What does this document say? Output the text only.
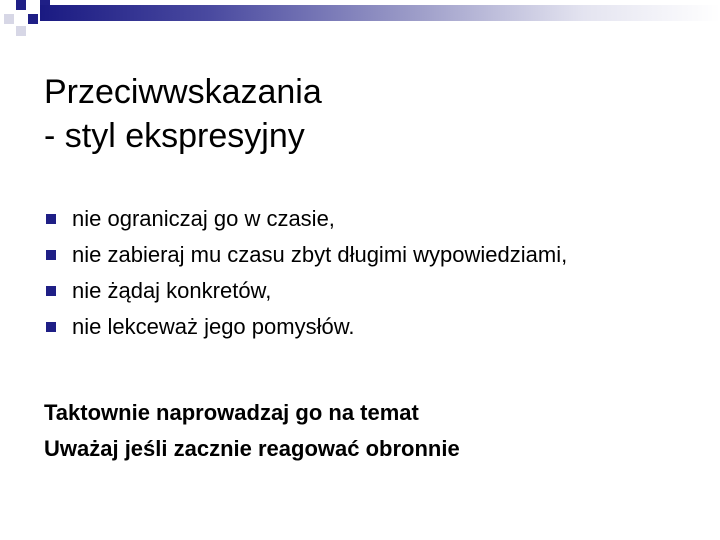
Przeciwwskazania
- styl ekspresyjny
nie ograniczaj go w czasie,
nie zabieraj mu czasu zbyt długimi wypowiedziami,
nie żądaj konkretów,
nie lekceważ jego pomysłów.

Taktownie naprowadzaj go na temat

Uważaj jeśli zacznie reagować obronnie
